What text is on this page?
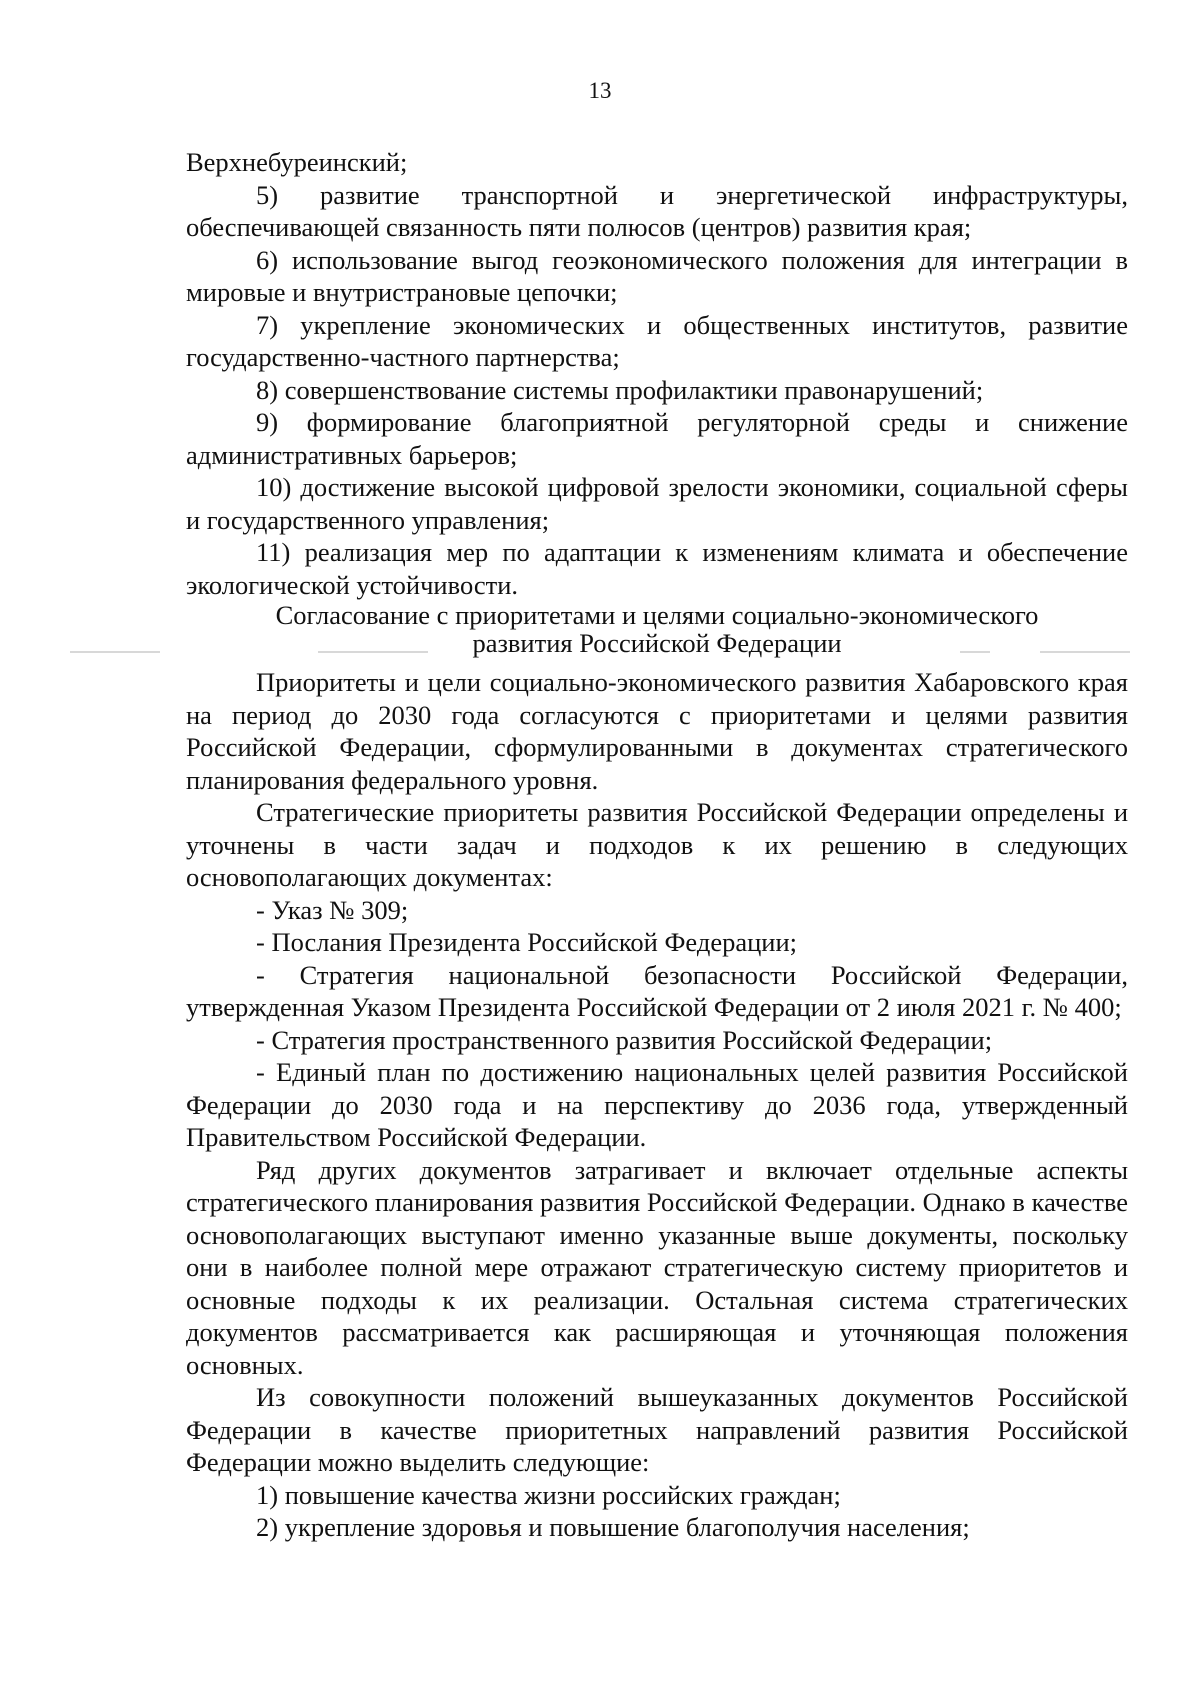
13

Верхнебуреинский;

5) развитие транспортной и энергетической инфраструктуры, обеспечивающей связанность пяти полюсов (центров) развития края;

6) использование выгод геоэкономического положения для интеграции в мировые и внутристрановые цепочки;

7) укрепление экономических и общественных институтов, развитие государственно-частного партнерства;

8) совершенствование системы профилактики правонарушений;

9) формирование благоприятной регуляторной среды и снижение административных барьеров;

10) достижение высокой цифровой зрелости экономики, социальной сферы и государственного управления;

11) реализация мер по адаптации к изменениям климата и обеспечение экологической устойчивости.

Согласование с приоритетами и целями социально-экономического
развития Российской Федерации

Приоритеты и цели социально-экономического развития Хабаровского края на период до 2030 года согласуются с приоритетами и целями развития Российской Федерации, сформулированными в документах стратегического планирования федерального уровня.

Стратегические приоритеты развития Российской Федерации определены и уточнены в части задач и подходов к их решению в следующих основополагающих документах:

- Указ № 309;

- Послания Президента Российской Федерации;

- Стратегия национальной безопасности Российской Федерации, утвержденная Указом Президента Российской Федерации от 2 июля 2021 г. № 400;

- Стратегия пространственного развития Российской Федерации;

- Единый план по достижению национальных целей развития Российской Федерации до 2030 года и на перспективу до 2036 года, утвержденный Правительством Российской Федерации.

Ряд других документов затрагивает и включает отдельные аспекты стратегического планирования развития Российской Федерации. Однако в качестве основополагающих выступают именно указанные выше документы, поскольку они в наиболее полной мере отражают стратегическую систему приоритетов и основные подходы к их реализации. Остальная система стратегических документов рассматривается как расширяющая и уточняющая положения основных.

Из совокупности положений вышеуказанных документов Российской Федерации в качестве приоритетных направлений развития Российской Федерации можно выделить следующие:

1) повышение качества жизни российских граждан;

2) укрепление здоровья и повышение благополучия населения;
